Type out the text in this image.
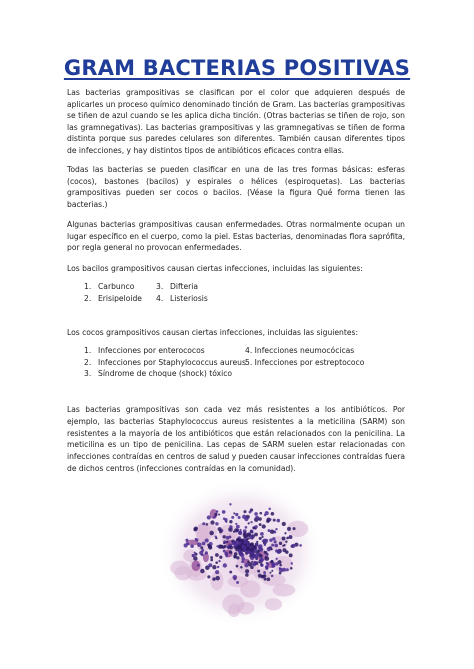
GRAM BACTERIAS POSITIVAS

Las bacterias grampositivas se clasifican por el color que adquieren después de aplicarles un proceso químico denominado tinción de Gram. Las bacterias grampositivas se tiñen de azul cuando se les aplica dicha tinción. (Otras bacterias se tiñen de rojo, son las gramnegativas). Las bacterias grampositivas y las gramnegativas se tiñen de forma distinta porque sus paredes celulares son diferentes. También causan diferentes tipos de infecciones, y hay distintos tipos de antibióticos eficaces contra ellas.

Todas las bacterias se pueden clasificar en una de las tres formas básicas: esferas (cocos), bastones (bacilos) y espirales o hélices (espiroquetas). Las bacterias grampositivas pueden ser cocos o bacilos. (Véase la figura Qué forma tienen las bacterias.)

Algunas bacterias grampositivas causan enfermedades. Otras normalmente ocupan un lugar específico en el cuerpo, como la piel. Estas bacterias, denominadas flora saprófita, por regla general no provocan enfermedades.

Los bacilos grampositivos causan ciertas infecciones, incluidas las siguientes:

1. Carbunco	3. Difteria
2. Erisipeloide 4. Listeriosis

Los cocos grampositivos causan ciertas infecciones, incluidas las siguientes:

1. Infecciones por enterococos	4. Infecciones neumocócicas
2. Infecciones por Staphylococcus aureus 5. Infecciones por estreptococo
3. Síndrome de choque (shock) tóxico

Las bacterias grampositivas son cada vez más resistentes a los antibióticos. Por ejemplo, las bacterias Staphylococcus aureus resistentes a la meticilina (SARM) son resistentes a la mayoría de los antibióticos que están relacionados con la penicilina. La meticilina es un tipo de penicilina. Las cepas de SARM suelen estar relacionadas con infecciones contraídas en centros de salud y pueden causar infecciones contraídas fuera de dichos centros (infecciones contraídas en la comunidad).
